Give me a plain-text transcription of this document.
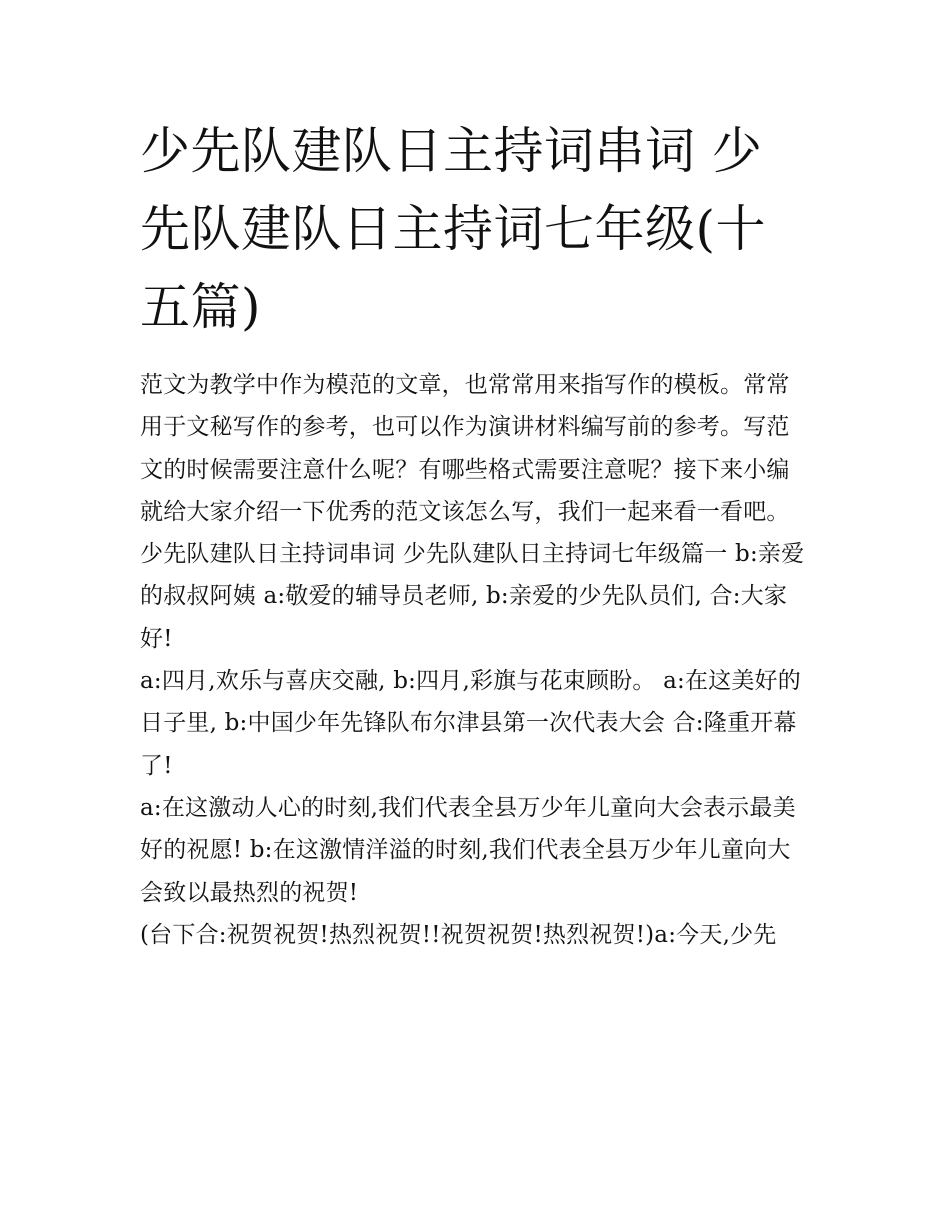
少先队建队日主持词串词 少先队建队日主持词七年级(十五篇)

范文为教学中作为模范的文章，也常常用来指写作的模板。常常用于文秘写作的参考，也可以作为演讲材料编写前的参考。写范文的时候需要注意什么呢？有哪些格式需要注意呢？接下来小编就给大家介绍一下优秀的范文该怎么写，我们一起来看一看吧。

少先队建队日主持词串词 少先队建队日主持词七年级篇一 b:亲爱的叔叔阿姨 a:敬爱的辅导员老师, b:亲爱的少先队员们, 合:大家好!

a:四月,欢乐与喜庆交融, b:四月,彩旗与花束顾盼。 a:在这美好的日子里, b:中国少年先锋队布尔津县第一次代表大会 合:隆重开幕了!

a:在这激动人心的时刻,我们代表全县万少年儿童向大会表示最美好的祝愿! b:在这激情洋溢的时刻,我们代表全县万少年儿童向大会致以最热烈的祝贺!

(台下合:祝贺祝贺!热烈祝贺!!祝贺祝贺!热烈祝贺!)a:今天,少先
